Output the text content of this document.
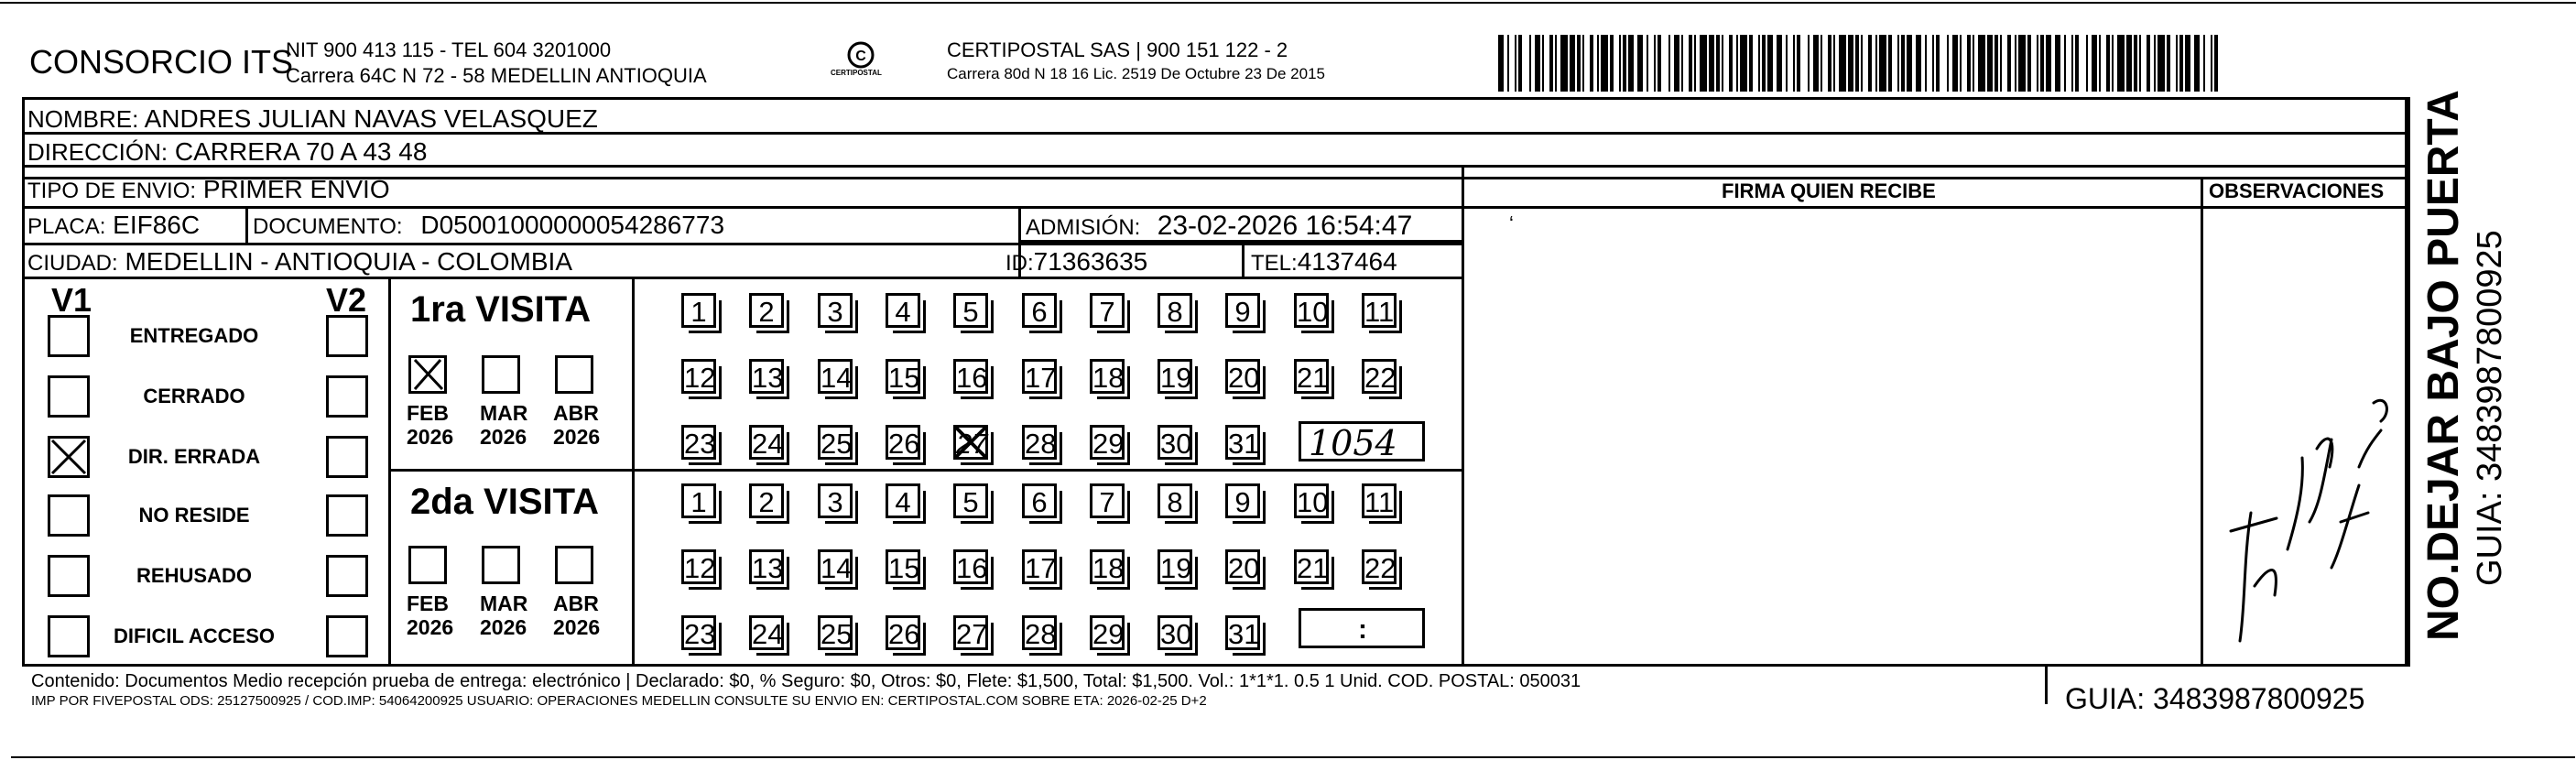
CONSORCIO ITS
NIT 900 413 115 - TEL 604 3201000
Carrera 64C N 72 - 58 MEDELLIN ANTIOQUIA
C
CERTIPOSTAL
CERTIPOSTAL SAS | 900 151 122 - 2
Carrera 80d N 18 16 Lic. 2519 De Octubre 23 De 2015
NOMBRE: ANDRES JULIAN NAVAS VELASQUEZ
DIRECCIÓN: CARRERA 70 A 43 48
TIPO DE ENVIO: PRIMER ENVIO
PLACA: EIF86C DOCUMENTO: D05001000000054286773	ADMISIÓN: 23-02-2026 16:54:47
CIUDAD: MEDELLIN - ANTIOQUIA - COLOMBIA	ID:71363635	TEL:4137464
FIRMA QUIEN RECIBE	OBSERVACIONES
ʻ
V1	V2
ENTREGADO
CERRADO
DIR. ERRADA
NO RESIDE
REHUSADO
DIFICIL ACCESO
1ra VISITA
FEB
2026
MAR
2026
ABR
2026
1	2	3	4	5	6	7	8	9	10 11
12 13 14 15 16 17 18 19 20 21 22
23 24 25 26 27 28 29 30 31
2da VISITA
FEB
2026
MAR
2026
ABR
2026
1	2	3	4	5	6	7	8	9	10 11
12 13 14 15 16 17 18 19 20 21 22
23 24 25 26 27 28 29 30 31
1054
:	NO.DEJAR BAJO PUERTA GUIA: 3483987800925
Contenido: Documentos Medio recepción prueba de entrega: electrónico | Declarado: $0, % Seguro: $0, Otros: $0, Flete: $1,500, Total: $1,500. Vol.: 1*1*1. 0.5 1 Unid. COD. POSTAL: 050031
IMP POR FIVEPOSTAL ODS: 25127500925 / COD.IMP: 54064200925 USUARIO: OPERACIONES MEDELLIN CONSULTE SU ENVIO EN: CERTIPOSTAL.COM SOBRE ETA: 2026-02-25 D+2	GUIA: 3483987800925
